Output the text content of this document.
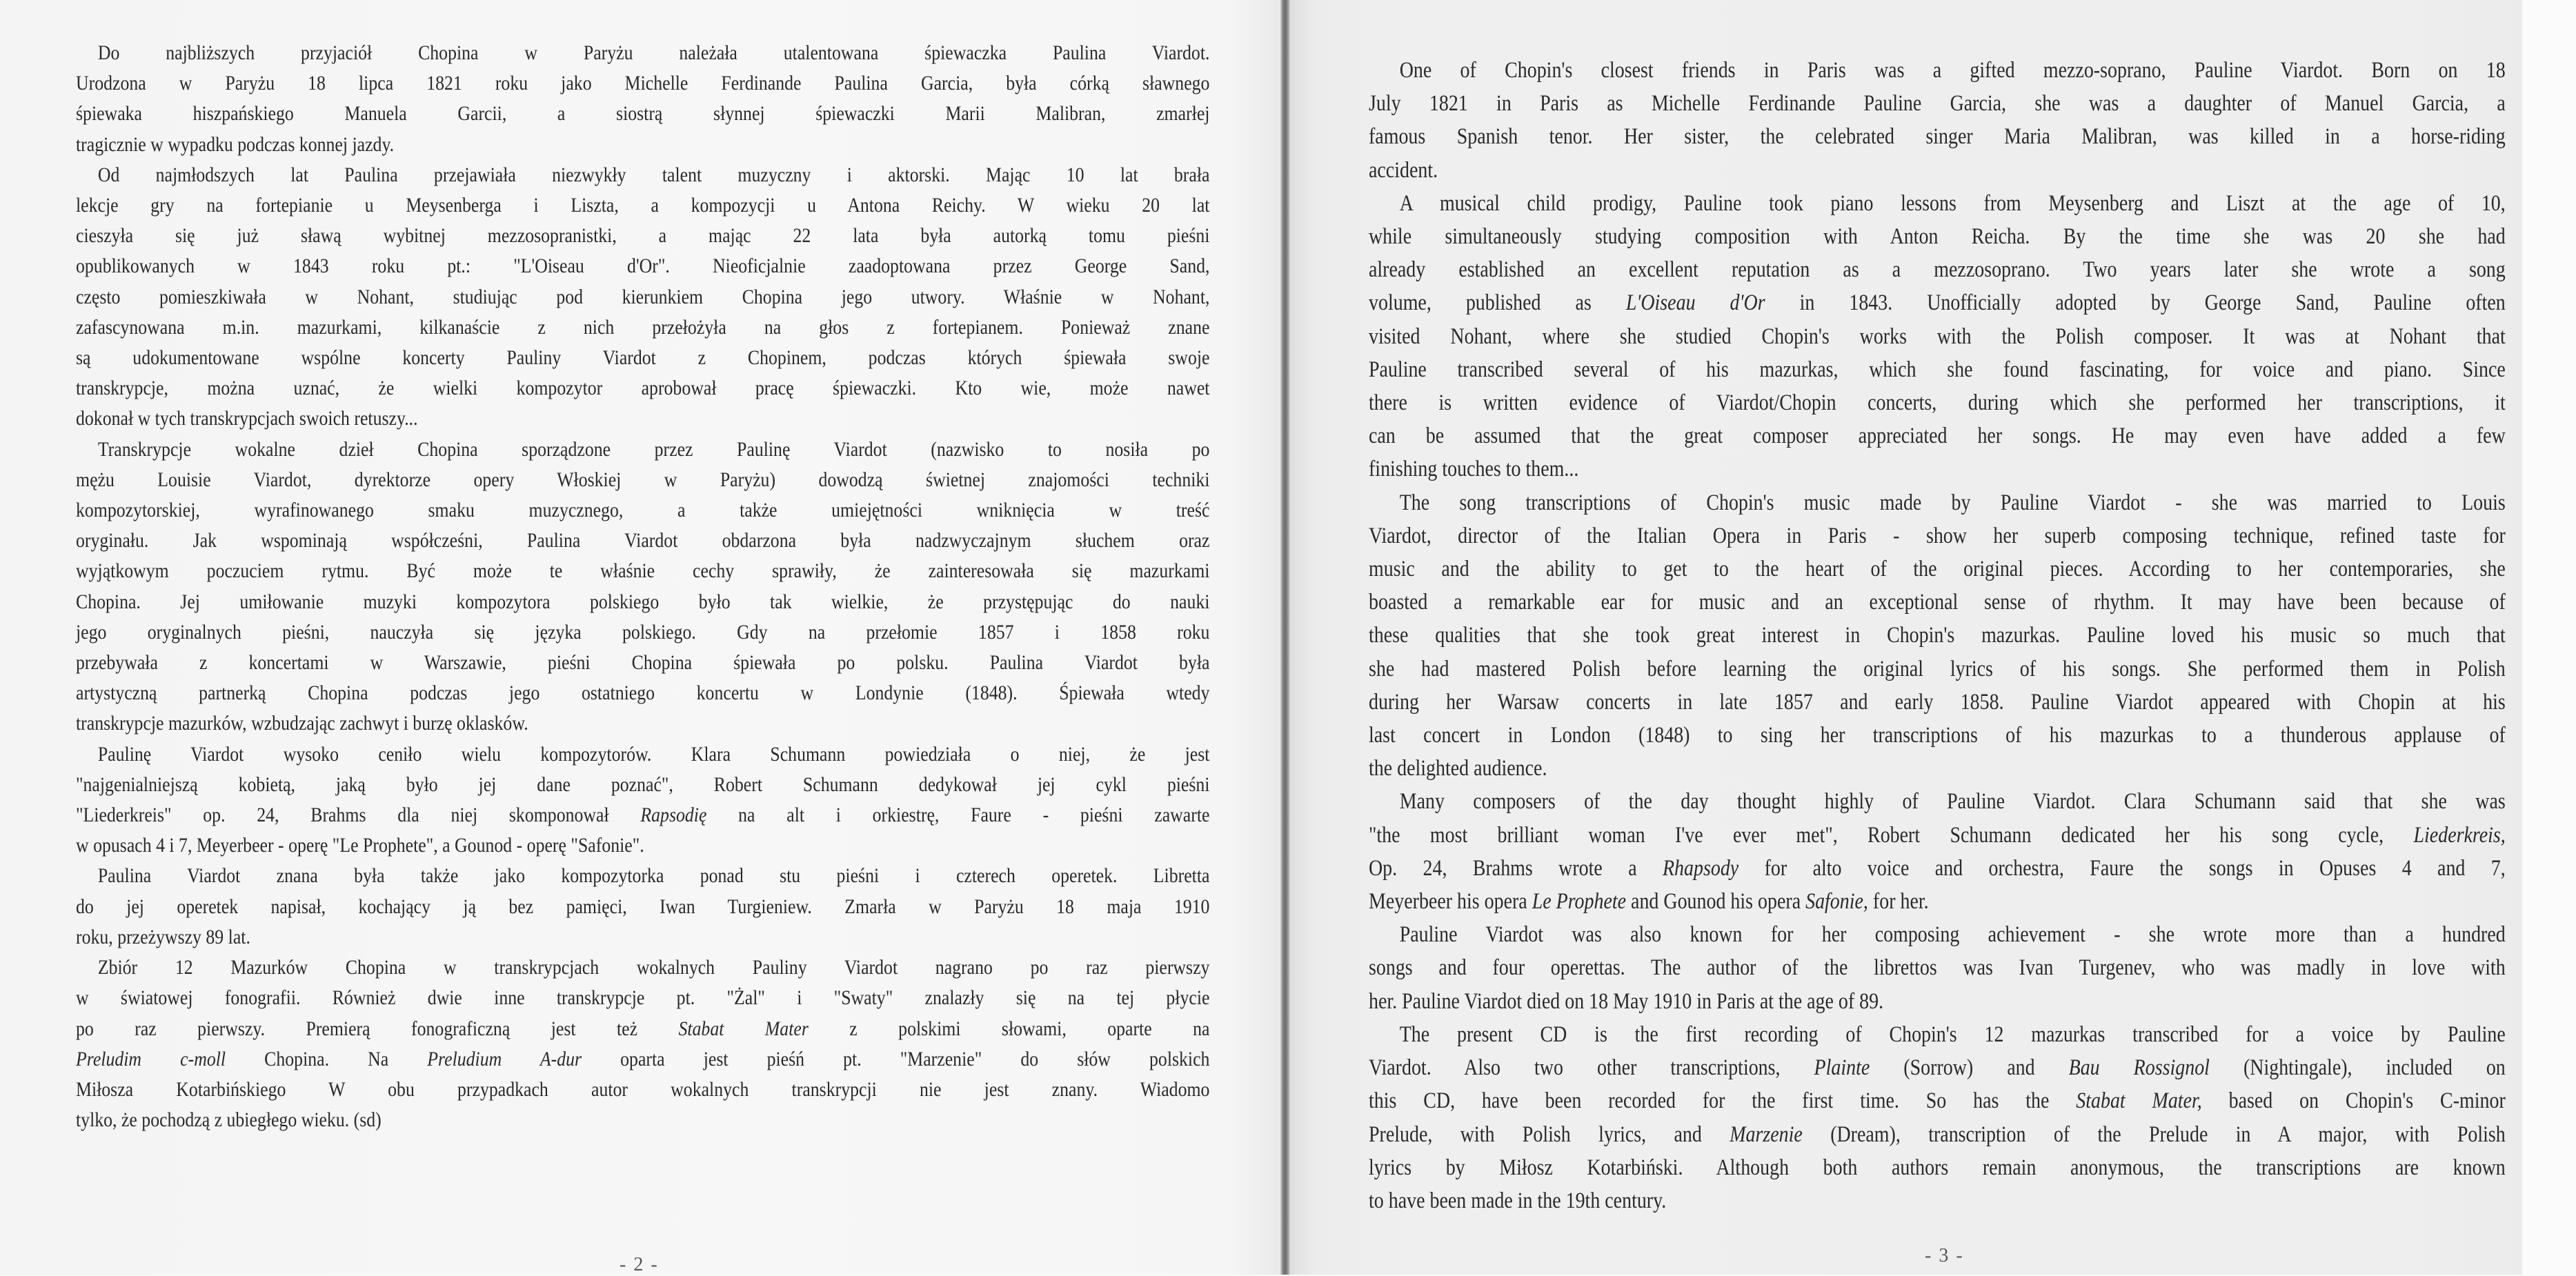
Do najbliższych przyjaciół Chopina w Paryżu należała utalentowana śpiewaczka Paulina Viardot.
Urodzona w Paryżu 18 lipca 1821 roku jako Michelle Ferdinande Paulina Garcia, była córką sławnego
śpiewaka hiszpańskiego Manuela Garcii, a siostrą słynnej śpiewaczki Marii Malibran, zmarłej
tragicznie w wypadku podczas konnej jazdy.
Od najmłodszych lat Paulina przejawiała niezwykły talent muzyczny i aktorski. Mając 10 lat brała
lekcje gry na fortepianie u Meysenberga i Liszta, a kompozycji u Antona Reichy. W wieku 20 lat
cieszyła się już sławą wybitnej mezzosopranistki, a mając 22 lata była autorką tomu pieśni
opublikowanych w 1843 roku pt.: "L'Oiseau d'Or". Nieoficjalnie zaadoptowana przez George Sand,
często pomieszkiwała w Nohant, studiując pod kierunkiem Chopina jego utwory. Właśnie w Nohant,
zafascynowana m.in. mazurkami, kilkanaście z nich przełożyła na głos z fortepianem. Ponieważ znane
są udokumentowane wspólne koncerty Pauliny Viardot z Chopinem, podczas których śpiewała swoje
transkrypcje, można uznać, że wielki kompozytor aprobował pracę śpiewaczki. Kto wie, może nawet
dokonał w tych transkrypcjach swoich retuszy...
Transkrypcje wokalne dzieł Chopina sporządzone przez Paulinę Viardot (nazwisko to nosiła po
mężu Louisie Viardot, dyrektorze opery Włoskiej w Paryżu) dowodzą świetnej znajomości techniki
kompozytorskiej, wyrafinowanego smaku muzycznego, a także umiejętności wniknięcia w treść
oryginału. Jak wspominają współcześni, Paulina Viardot obdarzona była nadzwyczajnym słuchem oraz
wyjątkowym poczuciem rytmu. Być może te właśnie cechy sprawiły, że zainteresowała się mazurkami
Chopina. Jej umiłowanie muzyki kompozytora polskiego było tak wielkie, że przystępując do nauki
jego oryginalnych pieśni, nauczyła się języka polskiego. Gdy na przełomie 1857 i 1858 roku
przebywała z koncertami w Warszawie, pieśni Chopina śpiewała po polsku. Paulina Viardot była
artystyczną partnerką Chopina podczas jego ostatniego koncertu w Londynie (1848). Śpiewała wtedy
transkrypcje mazurków, wzbudzając zachwyt i burzę oklasków.
Paulinę Viardot wysoko ceniło wielu kompozytorów. Klara Schumann powiedziała o niej, że jest
"najgenialniejszą kobietą, jaką było jej dane poznać", Robert Schumann dedykował jej cykl pieśni
"Liederkreis" op. 24, Brahms dla niej skomponował Rapsodię na alt i orkiestrę, Faure - pieśni zawarte
w opusach 4 i 7, Meyerbeer - operę "Le Prophete", a Gounod - operę "Safonie".
Paulina Viardot znana była także jako kompozytorka ponad stu pieśni i czterech operetek. Libretta
do jej operetek napisał, kochający ją bez pamięci, Iwan Turgieniew. Zmarła w Paryżu 18 maja 1910
roku, przeżywszy 89 lat.
Zbiór 12 Mazurków Chopina w transkrypcjach wokalnych Pauliny Viardot nagrano po raz pierwszy
w światowej fonografii. Również dwie inne transkrypcje pt. "Żal" i "Swaty" znalazły się na tej płycie
po raz pierwszy. Premierą fonograficzną jest też Stabat Mater z polskimi słowami, oparte na
Preludim c-moll Chopina. Na Preludium A-dur oparta jest pieśń pt. "Marzenie" do słów polskich
Miłosza Kotarbińskiego W obu przypadkach autor wokalnych transkrypcji nie jest znany. Wiadomo
tylko, że pochodzą z ubiegłego wieku. (sd)
- 2 -
One of Chopin's closest friends in Paris was a gifted mezzo-soprano, Pauline Viardot. Born on 18
July 1821 in Paris as Michelle Ferdinande Pauline Garcia, she was a daughter of Manuel Garcia, a
famous Spanish tenor. Her sister, the celebrated singer Maria Malibran, was killed in a horse-riding
accident.
A musical child prodigy, Pauline took piano lessons from Meysenberg and Liszt at the age of 10,
while simultaneously studying composition with Anton Reicha. By the time she was 20 she had
already established an excellent reputation as a mezzosoprano. Two years later she wrote a song
volume, published as L'Oiseau d'Or in 1843. Unofficially adopted by George Sand, Pauline often
visited Nohant, where she studied Chopin's works with the Polish composer. It was at Nohant that
Pauline transcribed several of his mazurkas, which she found fascinating, for voice and piano. Since
there is written evidence of Viardot/Chopin concerts, during which she performed her transcriptions, it
can be assumed that the great composer appreciated her songs. He may even have added a few
finishing touches to them...
The song transcriptions of Chopin's music made by Pauline Viardot - she was married to Louis
Viardot, director of the Italian Opera in Paris - show her superb composing technique, refined taste for
music and the ability to get to the heart of the original pieces. According to her contemporaries, she
boasted a remarkable ear for music and an exceptional sense of rhythm. It may have been because of
these qualities that she took great interest in Chopin's mazurkas. Pauline loved his music so much that
she had mastered Polish before learning the original lyrics of his songs. She performed them in Polish
during her Warsaw concerts in late 1857 and early 1858. Pauline Viardot appeared with Chopin at his
last concert in London (1848) to sing her transcriptions of his mazurkas to a thunderous applause of
the delighted audience.
Many composers of the day thought highly of Pauline Viardot. Clara Schumann said that she was
"the most brilliant woman I've ever met", Robert Schumann dedicated her his song cycle, Liederkreis,
Op. 24, Brahms wrote a Rhapsody for alto voice and orchestra, Faure the songs in Opuses 4 and 7,
Meyerbeer his opera Le Prophete and Gounod his opera Safonie, for her.
Pauline Viardot was also known for her composing achievement - she wrote more than a hundred
songs and four operettas. The author of the librettos was Ivan Turgenev, who was madly in love with
her. Pauline Viardot died on 18 May 1910 in Paris at the age of 89.
The present CD is the first recording of Chopin's 12 mazurkas transcribed for a voice by Pauline
Viardot. Also two other transcriptions, Plainte (Sorrow) and Bau Rossignol (Nightingale), included on
this CD, have been recorded for the first time. So has the Stabat Mater, based on Chopin's C-minor
Prelude, with Polish lyrics, and Marzenie (Dream), transcription of the Prelude in A major, with Polish
lyrics by Miłosz Kotarbiński. Although both authors remain anonymous, the transcriptions are known
to have been made in the 19th century.
- 3 -
